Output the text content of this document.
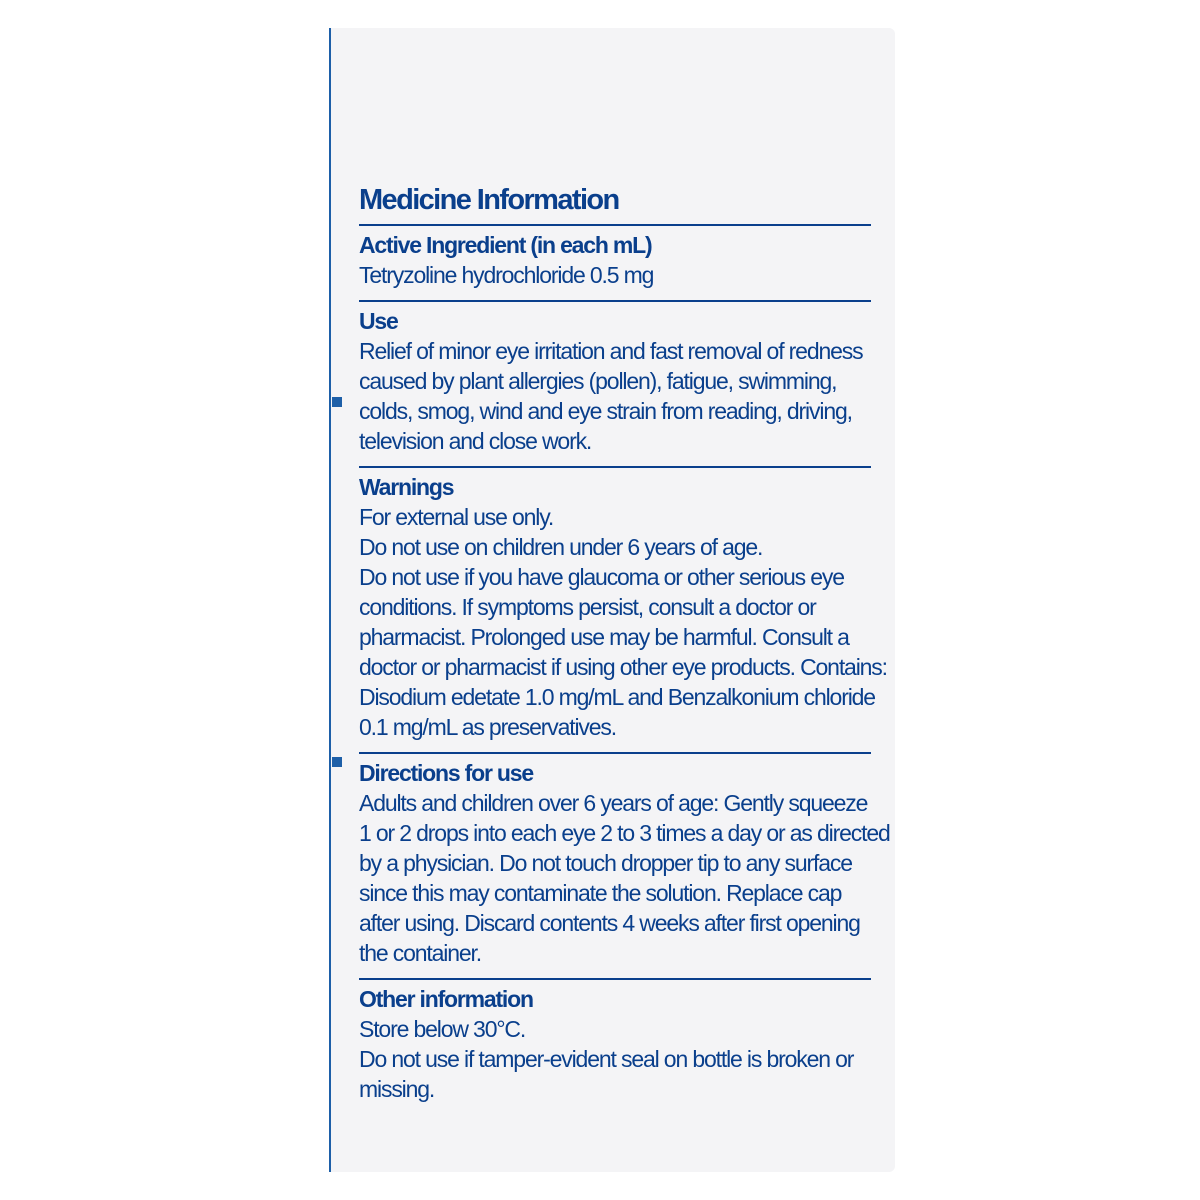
Medicine Information
Active Ingredient (in each mL)
Tetryzoline hydrochloride 0.5 mg
Use
Relief of minor eye irritation and fast removal of redness
caused by plant allergies (pollen), fatigue, swimming,
colds, smog, wind and eye strain from reading, driving,
television and close work.
Warnings
For external use only.
Do not use on children under 6 years of age.
Do not use if you have glaucoma or other serious eye
conditions. If symptoms persist, consult a doctor or
pharmacist. Prolonged use may be harmful. Consult a
doctor or pharmacist if using other eye products. Contains:
Disodium edetate 1.0 mg/mL and Benzalkonium chloride
0.1 mg/mL as preservatives.
Directions for use
Adults and children over 6 years of age: Gently squeeze
1 or 2 drops into each eye 2 to 3 times a day or as directed
by a physician. Do not touch dropper tip to any surface
since this may contaminate the solution. Replace cap
after using. Discard contents 4 weeks after first opening
the container.
Other information
Store below 30°C.
Do not use if tamper-evident seal on bottle is broken or
missing.
